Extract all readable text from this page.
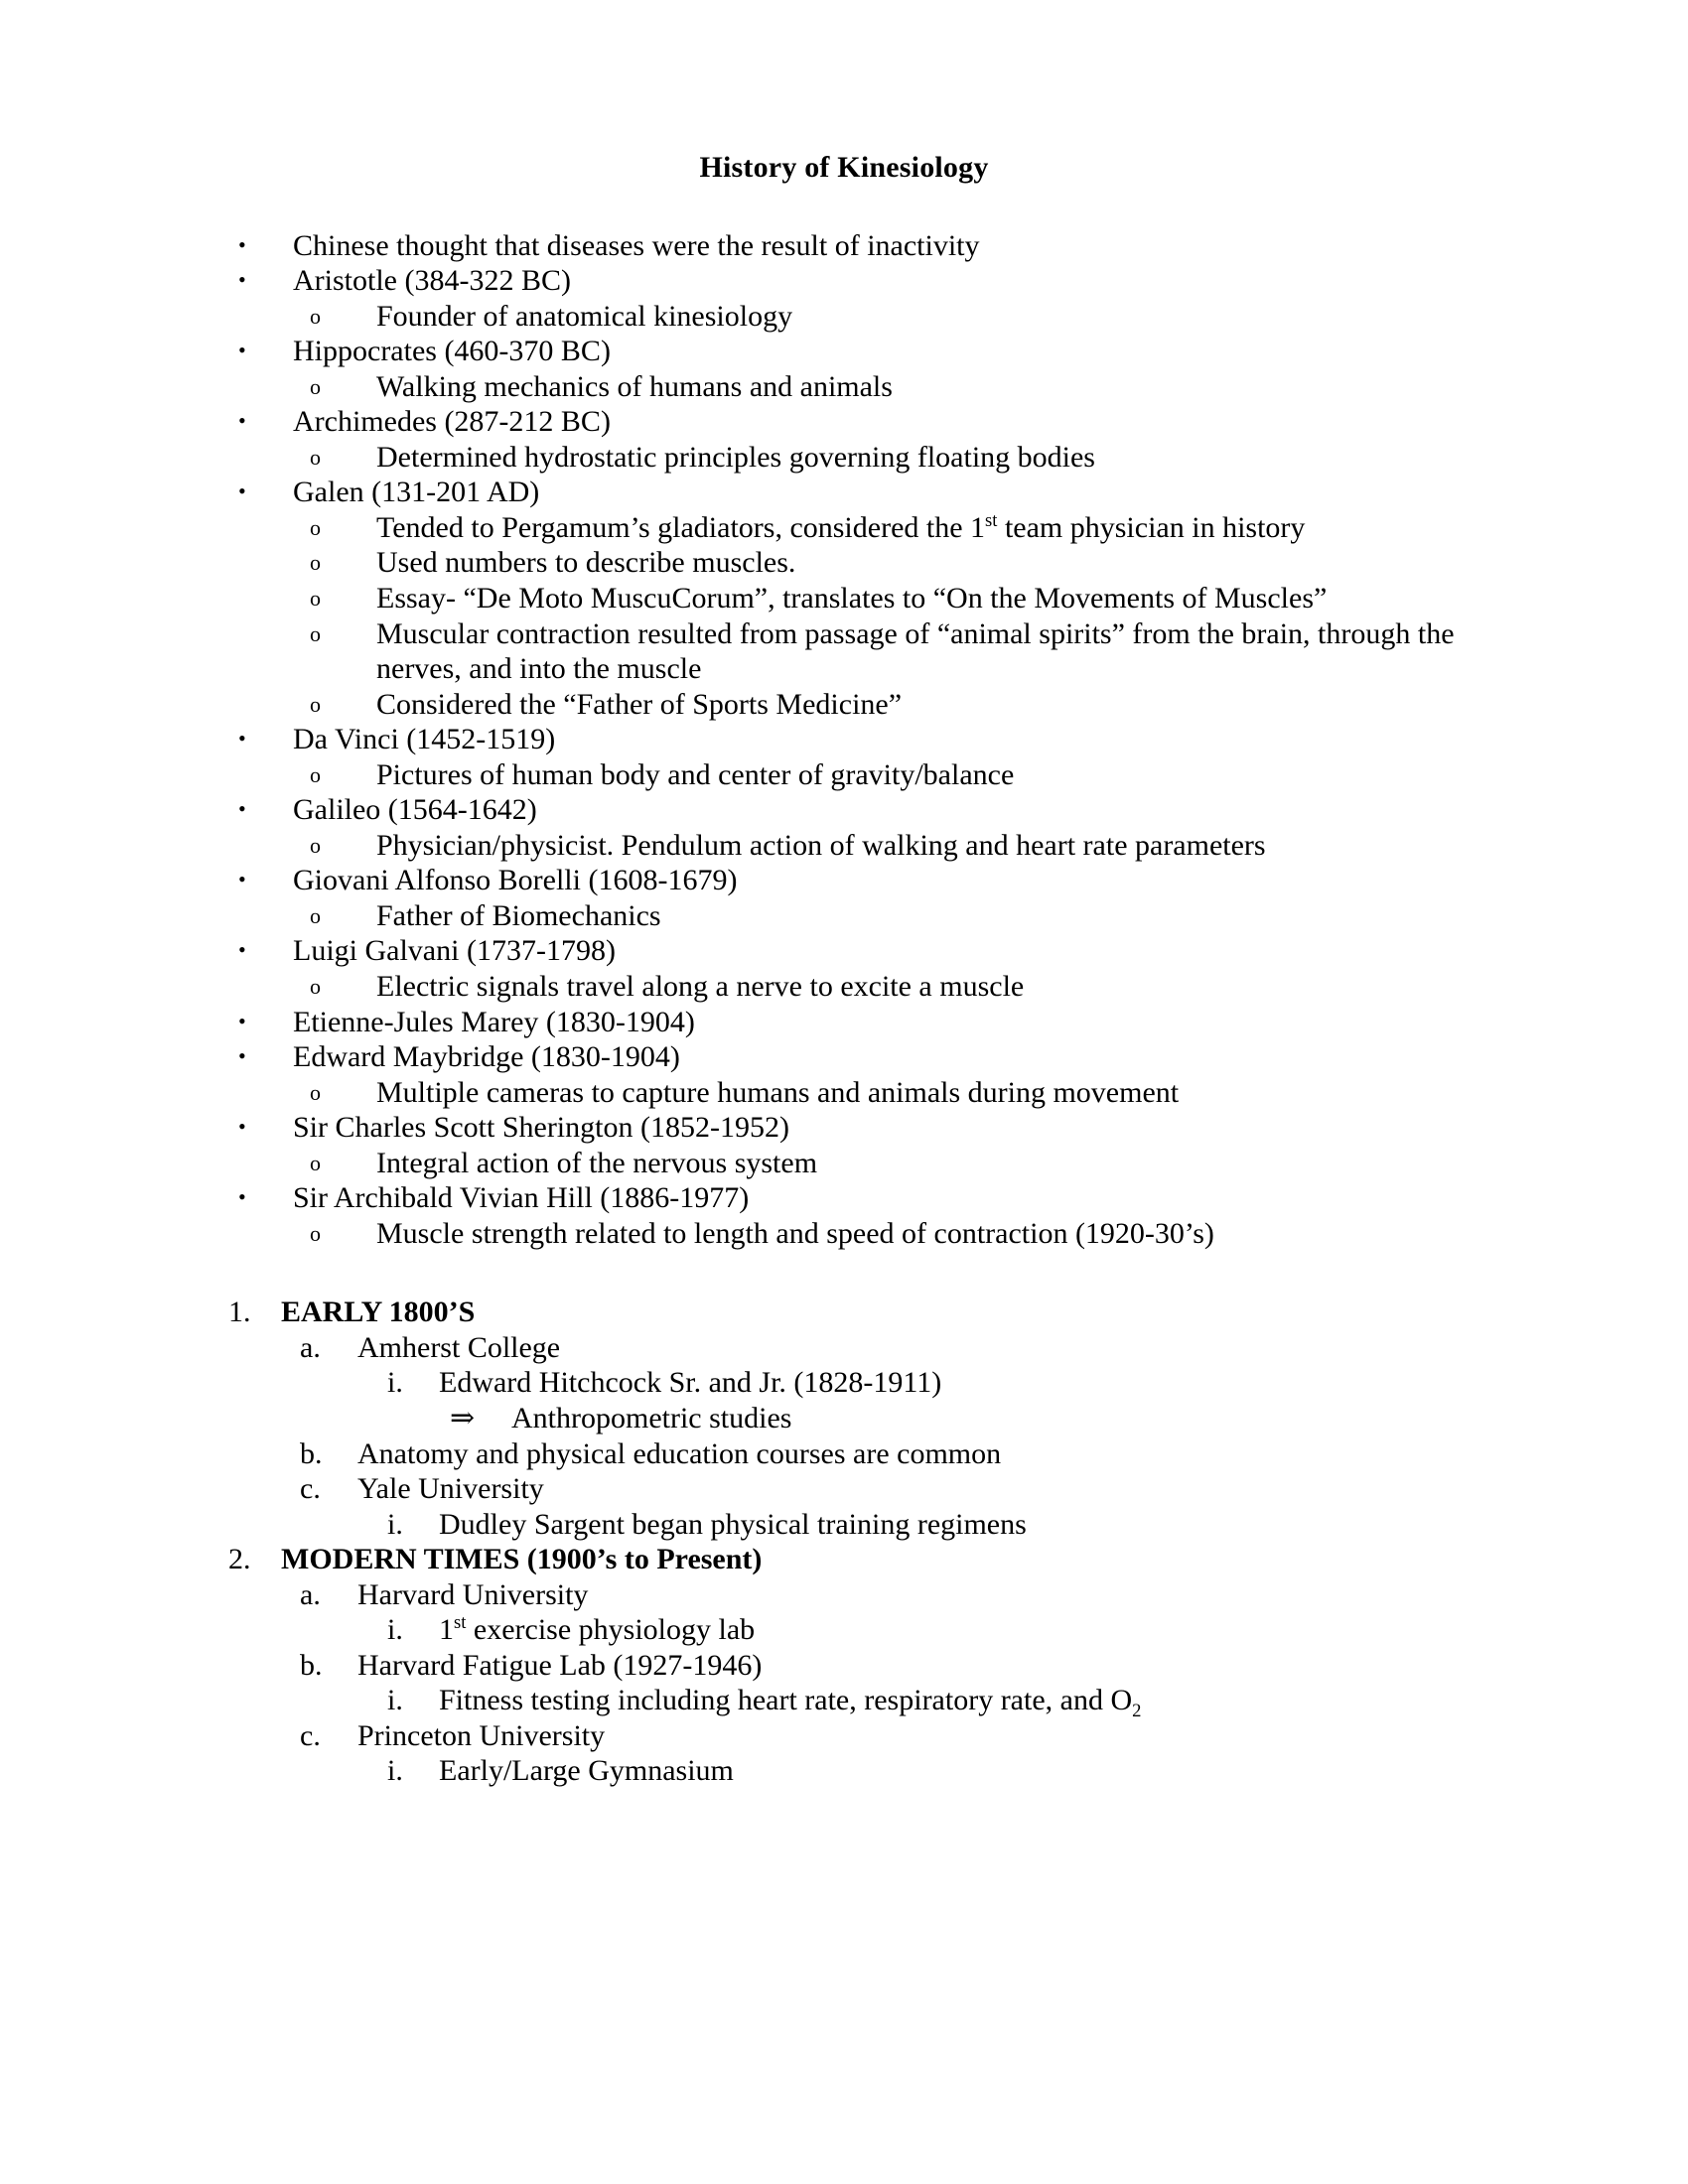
History of Kinesiology
•	Chinese thought that diseases were the result of inactivity
•	Aristotle (384-322 BC)
o	Founder of anatomical kinesiology
•	Hippocrates (460-370 BC)
o	Walking mechanics of humans and animals
•	Archimedes (287-212 BC)
o	Determined hydrostatic principles governing floating bodies
•	Galen (131-201 AD)
o	Tended to Pergamum’s gladiators, considered the 1st team physician in history
o	Used numbers to describe muscles.
o	Essay- “De Moto MuscuCorum”, translates to “On the Movements of Muscles”
o	Muscular contraction resulted from passage of “animal spirits” from the brain, through the nerves, and into the muscle
o	Considered the “Father of Sports Medicine”
•	Da Vinci (1452-1519)
o	Pictures of human body and center of gravity/balance
•	Galileo (1564-1642)
o	Physician/physicist. Pendulum action of walking and heart rate parameters
•	Giovani Alfonso Borelli (1608-1679)
o	Father of Biomechanics
•	Luigi Galvani (1737-1798)
o	Electric signals travel along a nerve to excite a muscle
•	Etienne-Jules Marey (1830-1904)
•	Edward Maybridge (1830-1904)
o	Multiple cameras to capture humans and animals during movement
•	Sir Charles Scott Sherington (1852-1952)
o	Integral action of the nervous system
•	Sir Archibald Vivian Hill (1886-1977)
o	Muscle strength related to length and speed of contraction (1920-30’s)
1.	EARLY 1800’S
a.	Amherst College
i.	Edward Hitchcock Sr. and Jr. (1828-1911)
⇒	Anthropometric studies
b.	Anatomy and physical education courses are common
c.	Yale University
i.	Dudley Sargent began physical training regimens
2.	MODERN TIMES (1900’s to Present)
a.	Harvard University
i.	1st exercise physiology lab
b.	Harvard Fatigue Lab (1927-1946)
i.	Fitness testing including heart rate, respiratory rate, and $O_2$
c.	Princeton University
i.	Early/Large Gymnasium
